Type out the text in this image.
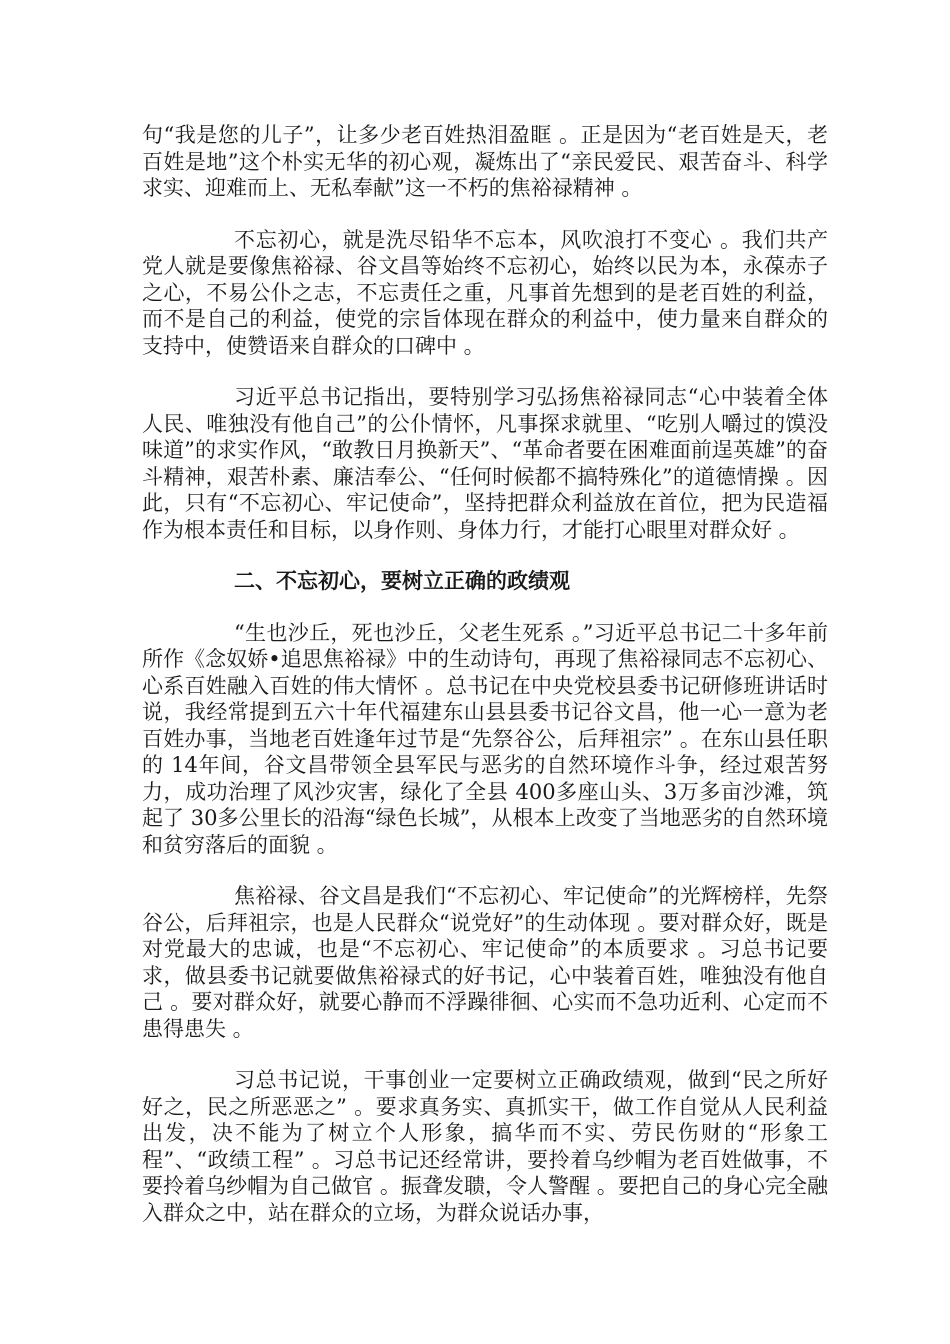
句“我是您的儿子”，让多少老百姓热泪盈眶 。正是因为“老百姓是天，老百姓是地”这个朴实无华的初心观，凝炼出了“亲民爱民、艰苦奋斗、科学求实、迎难而上、无私奉献”这一不朽的焦裕禄精神 。

不忘初心，就是洗尽铅华不忘本，风吹浪打不变心 。我们共产党人就是要像焦裕禄、谷文昌等始终不忘初心，始终以民为本，永葆赤子之心，不易公仆之志，不忘责任之重，凡事首先想到的是老百姓的利益，而不是自己的利益，使党的宗旨体现在群众的利益中，使力量来自群众的支持中，使赞语来自群众的口碑中 。

习近平总书记指出，要特别学习弘扬焦裕禄同志“心中装着全体人民、唯独没有他自己”的公仆情怀，凡事探求就里、“吃别人嚼过的馍没味道”的求实作风，“敢教日月换新天”、“革命者要在困难面前逞英雄”的奋斗精神，艰苦朴素、廉洁奉公、“任何时候都不搞特殊化”的道德情操 。因此，只有“不忘初心、牢记使命”，坚持把群众利益放在首位，把为民造福作为根本责任和目标，以身作则、身体力行，才能打心眼里对群众好 。

二、不忘初心，要树立正确的政绩观

“生也沙丘，死也沙丘，父老生死系 。”习近平总书记二十多年前所作《念奴娇•追思焦裕禄》中的生动诗句，再现了焦裕禄同志不忘初心、心系百姓融入百姓的伟大情怀 。总书记在中央党校县委书记研修班讲话时说，我经常提到五六十年代福建东山县县委书记谷文昌，他一心一意为老百姓办事，当地老百姓逢年过节是“先祭谷公，后拜祖宗” 。在东山县任职的 14年间，谷文昌带领全县军民与恶劣的自然环境作斗争，经过艰苦努力，成功治理了风沙灾害，绿化了全县 400多座山头、3万多亩沙滩，筑起了 30多公里长的沿海“绿色长城”，从根本上改变了当地恶劣的自然环境和贫穷落后的面貌 。

焦裕禄、谷文昌是我们“不忘初心、牢记使命”的光辉榜样，先祭谷公，后拜祖宗，也是人民群众“说党好”的生动体现 。要对群众好，既是对党最大的忠诚，也是“不忘初心、牢记使命”的本质要求 。习总书记要求，做县委书记就要做焦裕禄式的好书记，心中装着百姓，唯独没有他自己 。要对群众好，就要心静而不浮躁徘徊、心实而不急功近利、心定而不患得患失 。

习总书记说，干事创业一定要树立正确政绩观，做到“民之所好好之，民之所恶恶之” 。要求真务实、真抓实干，做工作自觉从人民利益出发，决不能为了树立个人形象，搞华而不实、劳民伤财的“形象工程”、“政绩工程” 。习总书记还经常讲，要拎着乌纱帽为老百姓做事，不要拎着乌纱帽为自己做官 。振聋发聩，令人警醒 。要把自己的身心完全融入群众之中，站在群众的立场，为群众说话办事，
